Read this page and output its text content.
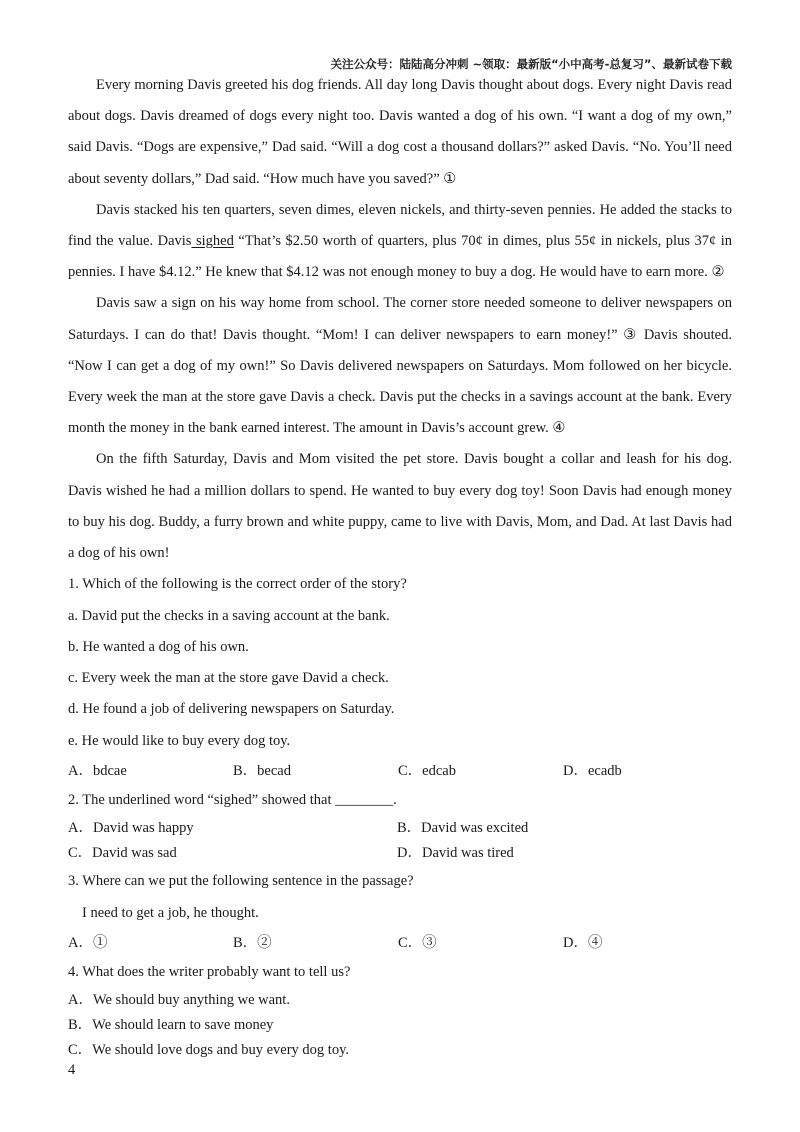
关注公众号：陆陆高分冲刺 ~领取：最新版“小中高考-总复习”、最新试卷下载

Every morning Davis greeted his dog friends. All day long Davis thought about dogs. Every night Davis read about dogs. Davis dreamed of dogs every night too. Davis wanted a dog of his own. “I want a dog of my own,” said Davis. “Dogs are expensive,” Dad said. “Will a dog cost a thousand dollars?” asked Davis. “No. You’ll need about seventy dollars,” Dad said. “How much have you saved?” ①

Davis stacked his ten quarters, seven dimes, eleven nickels, and thirty-seven pennies. He added the stacks to find the value. Davis sighed “That’s $2.50 worth of quarters, plus 70¢ in dimes, plus 55¢ in nickels, plus 37¢ in pennies. I have $4.12.” He knew that $4.12 was not enough money to buy a dog. He would have to earn more. ②

Davis saw a sign on his way home from school. The corner store needed someone to deliver newspapers on Saturdays. I can do that! Davis thought. “Mom! I can deliver newspapers to earn money!” ③ Davis shouted. “Now I can get a dog of my own!” So Davis delivered newspapers on Saturdays. Mom followed on her bicycle. Every week the man at the store gave Davis a check. Davis put the checks in a savings account at the bank. Every month the money in the bank earned interest. The amount in Davis’s account grew. ④

On the fifth Saturday, Davis and Mom visited the pet store. Davis bought a collar and leash for his dog. Davis wished he had a million dollars to spend. He wanted to buy every dog toy! Soon Davis had enough money to buy his dog. Buddy, a furry brown and white puppy, came to live with Davis, Mom, and Dad. At last Davis had a dog of his own!

1. Which of the following is the correct order of the story?

a. David put the checks in a saving account at the bank.

b. He wanted a dog of his own.

c. Every week the man at the store gave David a check.

d. He found a job of delivering newspapers on Saturday.

e. He would like to buy every dog toy.

A．bdcae	B．becad	C．edcab	D．ecadb

2. The underlined word “sighed” showed that ________.

A．David was happy	B．David was excited
C．David was sad	D．David was tired

3. Where can we put the following sentence in the passage?

I need to get a job, he thought.

A．①	B．②	C．③	D．④

4. What does the writer probably want to tell us?

A．We should buy anything we want.
B．We should learn to save money
C．We should love dogs and buy every dog toy.
4
